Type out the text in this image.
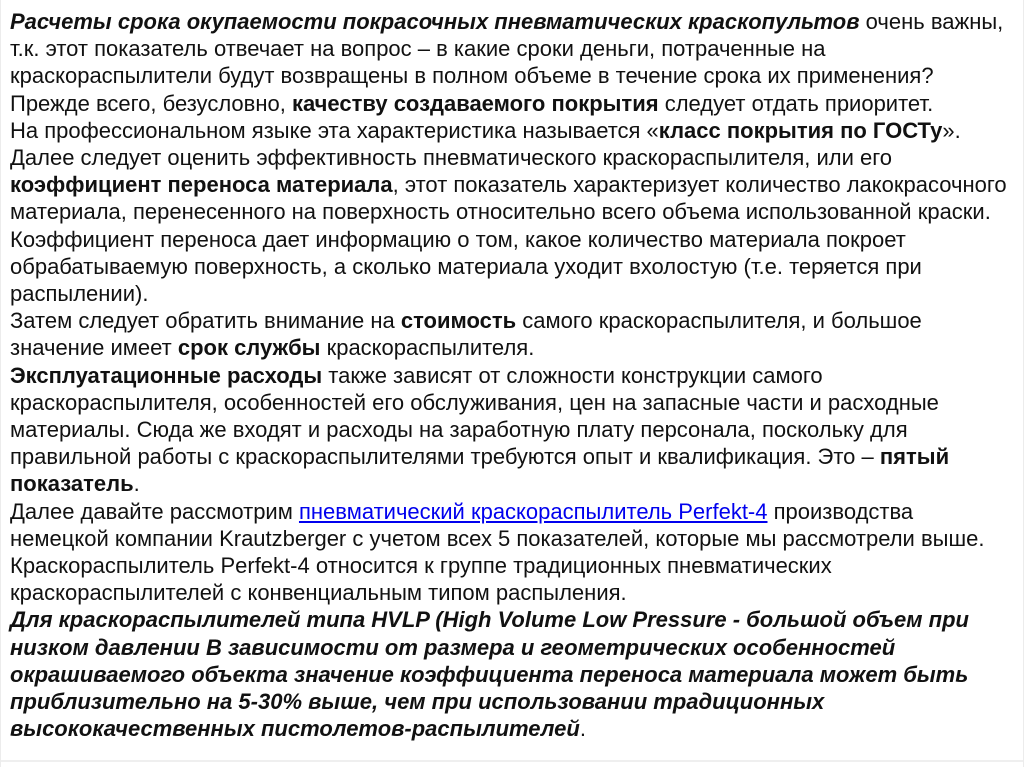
Расчеты срока окупаемости покрасочных пневматических краскопультов очень важны, т.к. этот показатель отвечает на вопрос – в какие сроки деньги, потраченные на краскораспылители будут возвращены в полном объеме в течение срока их применения?

Прежде всего, безусловно, качеству создаваемого покрытия следует отдать приоритет.

На профессиональном языке эта характеристика называется «класс покрытия по ГОСТу».

Далее следует оценить эффективность пневматического краскораспылителя, или его коэффициент переноса материала, этот показатель характеризует количество лакокрасочного материала, перенесенного на поверхность относительно всего объема использованной краски. Коэффициент переноса дает информацию о том, какое количество материала покроет обрабатываемую поверхность, а сколько материала уходит вхолостую (т.е. теряется при распылении).

Затем следует обратить внимание на стоимость самого краскораспылителя, и большое значение имеет срок службы краскораспылителя.

Эксплуатационные расходы также зависят от сложности конструкции самого краскораспылителя, особенностей его обслуживания, цен на запасные части и расходные материалы. Сюда же входят и расходы на заработную плату персонала, поскольку для правильной работы с краскораспылителями требуются опыт и квалификация. Это – пятый показатель.

Далее давайте рассмотрим пневматический краскораспылитель Perfekt-4 производства немецкой компании Krautzberger с учетом всех 5 показателей, которые мы рассмотрели выше. Краскораспылитель Perfekt-4 относится к группе традиционных пневматических краскораспылителей с конвенциальным типом распыления.

Для краскораспылителей типа HVLP (High Volume Low Pressure - большой объем при низком давлении В зависимости от размера и геометрических особенностей окрашиваемого объекта значение коэффициента переноса материала может быть приблизительно на 5-30% выше, чем при использовании традиционных высококачественных пистолетов-распылителей.
